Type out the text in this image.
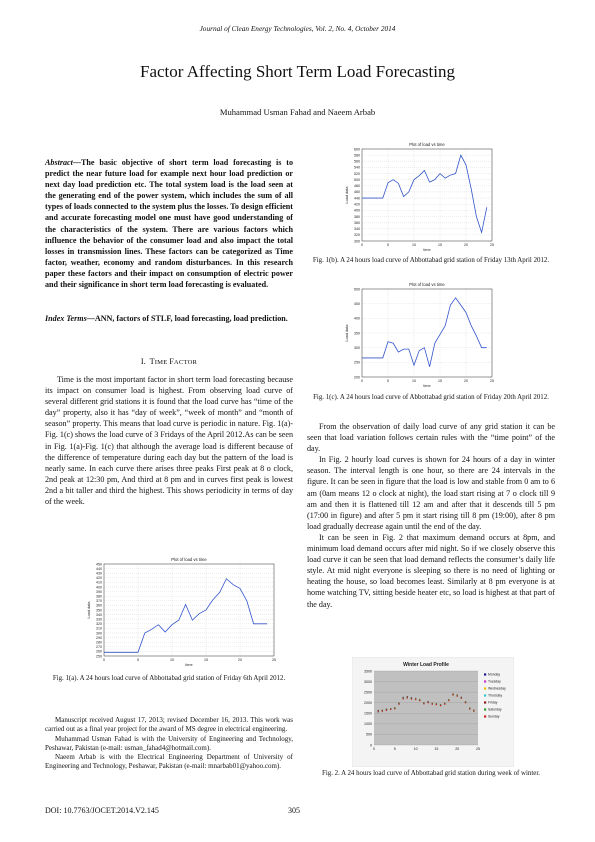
Journal of Clean Energy Technologies, Vol. 2, No. 4, October 2014
Factor Affecting Short Term Load Forecasting
Muhammad Usman Fahad and Naeem Arbab
Abstract—The basic objective of short term load forecasting is to predict the near future load for example next hour load prediction or next day load prediction etc. The total system load is the load seen at the generating end of the power system, which includes the sum of all types of loads connected to the system plus the losses. To design efficient and accurate forecasting model one must have good understanding of the characteristics of the system. There are various factors which influence the behavior of the consumer load and also impact the total losses in transmission lines. These factors can be categorized as Time factor, weather, economy and random disturbances. In this research paper these factors and their impact on consumption of electric power and their significance in short term load forecasting is evaluated.
Index Terms—ANN, factors of STLF, load forecasting, load prediction.
I. TIME FACTOR
Time is the most important factor in short term load forecasting because its impact on consumer load is highest. From observing load curve of several different grid stations it is found that the load curve has “time of the day” property, also it has “day of week”, “week of month” and “month of season” property. This means that load curve is periodic in nature. Fig. 1(a)-Fig. 1(c) shows the load curve of 3 Fridays of the April 2012.As can be seen in Fig. 1(a)-Fig. 1(c) that although the average load is different because of the difference of temperature during each day but the pattern of the load is nearly same. In each curve there arises three peaks First peak at 8 o clock, 2nd peak at 12:30 pm, And third at 8 pm and in curves first peak is lowest 2nd a bit taller and third the highest. This shows periodicity in terms of day of the week.
Plot of load vs time
250
260
270
280
290
300
310
320
330
340
350
360
370
380
390
400
410
420
430
440
450
0	5	10	15	20	25
time
Load data
Fig. 1(a). A 24 hours load curve of Abbottabad grid station of Friday 6th April 2012.

Manuscript received August 17, 2013; revised December 16, 2013. This work was carried out as a final year project for the award of MS degree in electrical engineering.

Muhammad Usman Fahad is with the University of Engineering and Technology, Peshawar, Pakistan (e-mail: usman_fahad4@hotmail.com).

Naeem Arbab is with the Electrical Engineering Department of University of Engineering and Technology, Peshawar, Pakistan (e-mail: mnarbab01@yahoo.com).

Plot of load vs time
300
320
340
360
380
400
420
440
460
480
500
520
540
560
580
600
0	5	10	15	20	25
time
Load data
Fig. 1(b). A 24 hours load curve of Abbottabad grid station of Friday 13th April 2012.
Plot of load vs time
200
250
300
350
400
450
500
0	5	10	15	20	25
time
Load data
Fig. 1(c). A 24 hours load curve of Abbottabad grid station of Friday 20th April 2012.

From the observation of daily load curve of any grid station it can be seen that load variation follows certain rules with the “time point” of the day.

In Fig. 2 hourly load curves is shown for 24 hours of a day in winter season. The interval length is one hour, so there are 24 intervals in the figure. It can be seen in figure that the load is low and stable from 0 am to 6 am (0am means 12 o clock at night), the load start rising at 7 o clock till 9 am and then it is flattened till 12 am and after that it descends till 5 pm (17:00 in figure) and after 5 pm it start rising till 8 pm (19:00), after 8 pm load gradually decrease again until the end of the day.

It can be seen in Fig. 2 that maximum demand occurs at 8pm, and minimum load demand occurs after mid night. So if we closely observe this load curve it can be seen that load demand reflects the consumer’s daily life style. At mid night everyone is sleeping so there is no need of lighting or heating the house, so load becomes least. Similarly at 8 pm everyone is at home watching TV, sitting beside heater etc, so load is highest at that part of the day.

Winter Load Profile
0
500
1000
1500
2000
2500
3000
3500
0	5	10	15	20	25
Monday
Tuesday
Wednesday
Thursday
Friday
Saturday
Sunday
Fig. 2. A 24 hours load curve of Abbottabad grid station during week of winter.
DOI: 10.7763/JOCET.2014.V2.145	305
